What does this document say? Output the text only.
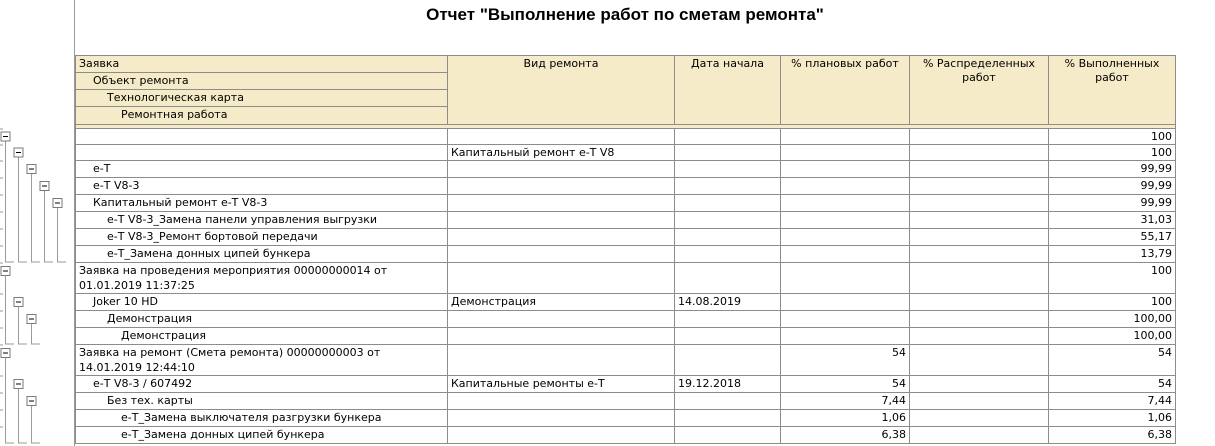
Отчет "Выполнение работ по сметам ремонта"
Заявка	Вид ремонта	Дата начала	% плановых работ	% Распределенных работ	% Выполненных работ
Объект ремонта					
Технологическая карта					
Ремонтная работа					

					100
	Капитальный ремонт е-Т V8				100
е-Т					99,99
е-Т V8-3					99,99
Капитальный ремонт е-Т V8-3					99,99
е-Т V8-3_Замена панели управления выгрузки					31,03
е-Т V8-3_Ремонт бортовой передачи					55,17
е-Т_Замена донных ципей бункера					13,79
Заявка на проведения мероприятия 00000000014 от 01.01.2019 11:37:25					100
Joker 10 HD	Демонстрация	14.08.2019			100
Демонстрация					100,00
Демонстрация					100,00
Заявка на ремонт (Смета ремонта) 00000000003 от 14.01.2019 12:44:10			54		54
е-Т V8-3 / 607492	Капитальные ремонты е-Т	19.12.2018	54		54
Без тех. карты			7,44		7,44
е-Т_Замена выключателя разгрузки бункера			1,06		1,06
е-Т_Замена донных ципей бункера			6,38		6,38
